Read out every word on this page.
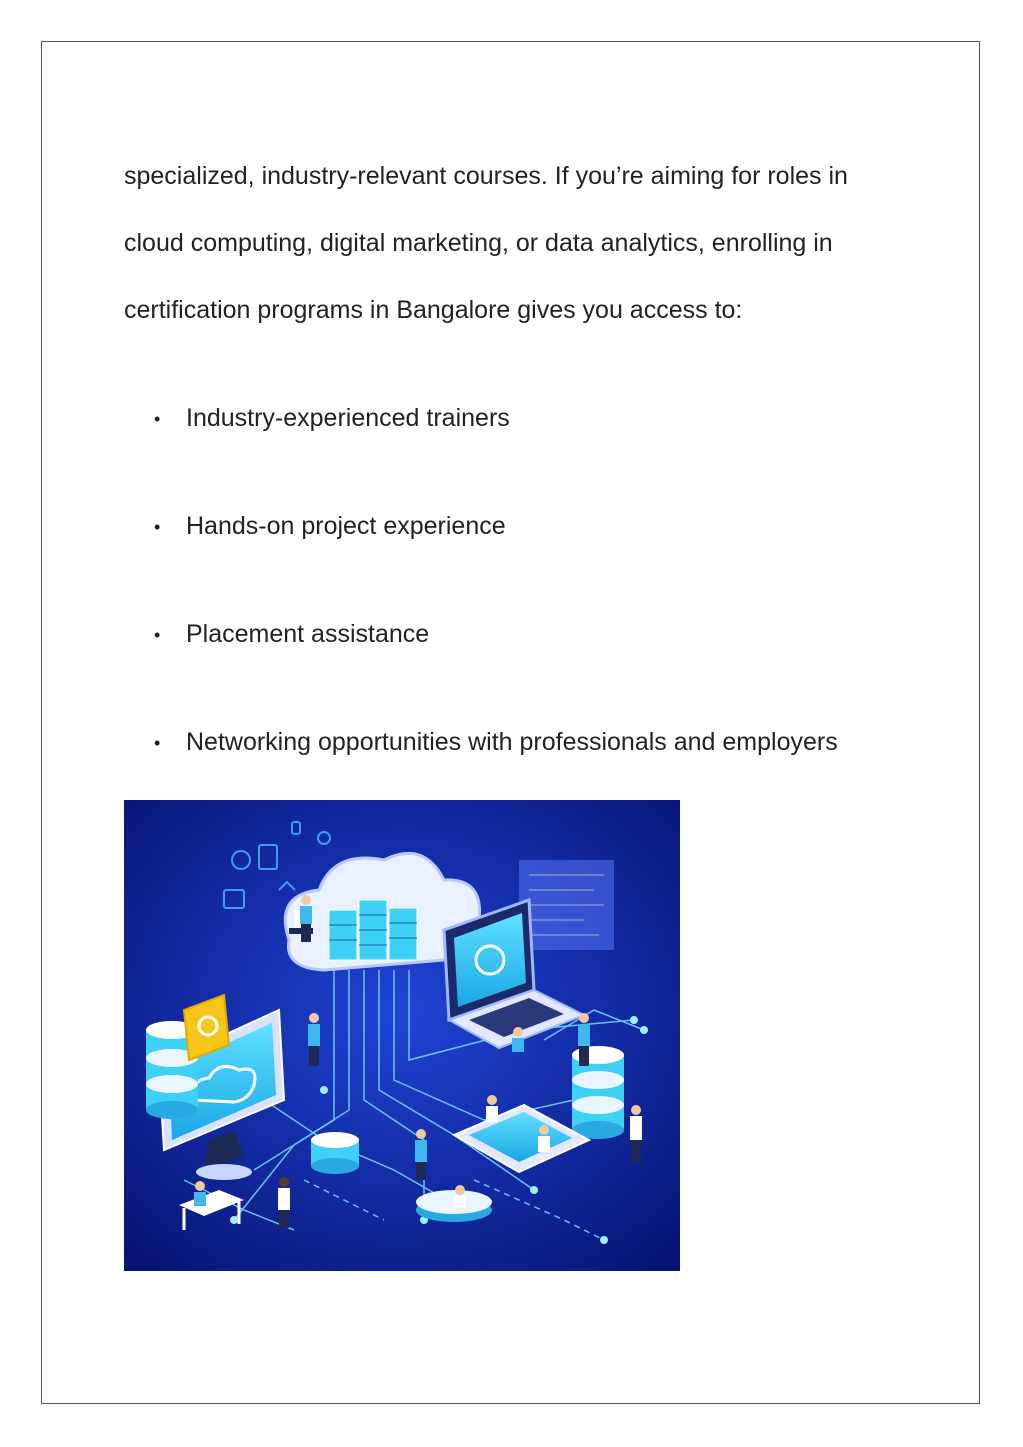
specialized, industry-relevant courses. If you’re aiming for roles in
cloud computing, digital marketing, or data analytics, enrolling in
certification programs in Bangalore gives you access to:
• Industry-experienced trainers
• Hands-on project experience
• Placement assistance
• Networking opportunities with professionals and employers
